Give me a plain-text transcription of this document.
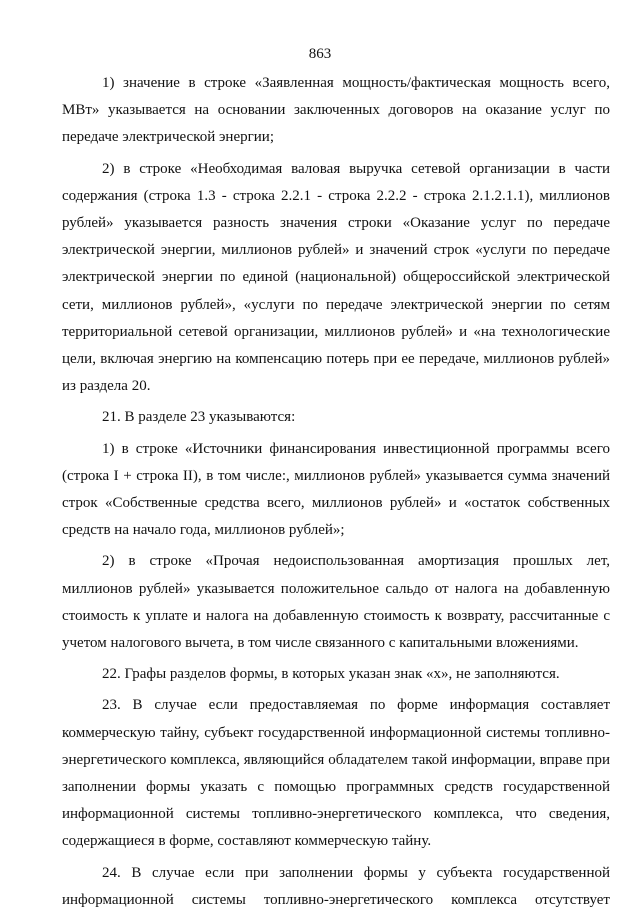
863

1) значение в строке «Заявленная мощность/фактическая мощность всего, МВт» указывается на основании заключенных договоров на оказание услуг по передаче электрической энергии;

2) в строке «Необходимая валовая выручка сетевой организации в части содержания (строка 1.3 - строка 2.2.1 - строка 2.2.2 - строка 2.1.2.1.1), миллионов рублей» указывается разность значения строки «Оказание услуг по передаче электрической энергии, миллионов рублей» и значений строк «услуги по передаче электрической энергии по единой (национальной) общероссийской электрической сети, миллионов рублей», «услуги по передаче электрической энергии по сетям территориальной сетевой организации, миллионов рублей» и «на технологические цели, включая энергию на компенсацию потерь при ее передаче, миллионов рублей» из раздела 20.

21. В разделе 23 указываются:

1) в строке «Источники финансирования инвестиционной программы всего (строка I + строка II), в том числе:, миллионов рублей» указывается сумма значений строк «Собственные средства всего, миллионов рублей» и «остаток собственных средств на начало года, миллионов рублей»;

2) в строке «Прочая недоиспользованная амортизация прошлых лет, миллионов рублей» указывается положительное сальдо от налога на добавленную стоимость к уплате и налога на добавленную стоимость к возврату, рассчитанные с учетом налогового вычета, в том числе связанного с капитальными вложениями.

22. Графы разделов формы, в которых указан знак «х», не заполняются.

23. В случае если предоставляемая по форме информация составляет коммерческую тайну, субъект государственной информационной системы топливно-энергетического комплекса, являющийся обладателем такой информации, вправе при заполнении формы указать с помощью программных средств государственной информационной системы топливно-энергетического комплекса, что сведения, содержащиеся в форме, составляют коммерческую тайну.

24. В случае если при заполнении формы у субъекта государственной информационной системы топливно-энергетического комплекса отсутствует
